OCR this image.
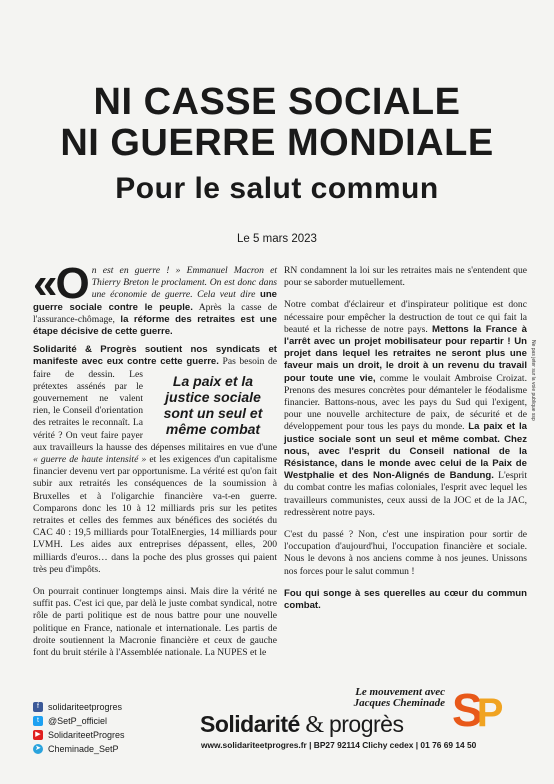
NI CASSE SOCIALE
NI GUERRE MONDIALE
Pour le salut commun
Le 5 mars 2023

«On est en guerre ! » Emmanuel Macron et Thierry Breton le proclament. On est donc dans une économie de guerre. Cela veut dire une guerre sociale contre le peuple. Après la casse de l'assurance-chômage, la réforme des retraites est une étape décisive de cette guerre.

Solidarité & Progrès soutient nos syndicats et manifeste avec eux contre cette guerre.
La paix et la justice sociale sont un seul et même combat
Pas besoin de faire de dessin. Les prétextes assénés par le gouvernement ne valent rien, le Conseil d'orientation des retraites le reconnaît. La vérité ? On veut faire payer aux travailleurs la hausse des dépenses militaires en vue d'une « guerre de haute intensité » et les exigences d'un capitalisme financier devenu vert par opportunisme. La vérité est qu'on fait subir aux retraités les conséquences de la soumission à Bruxelles et à l'oligarchie financière va-t-en guerre. Comparons donc les 10 à 12 milliards pris sur les petites retraites et celles des femmes aux bénéfices des sociétés du CAC 40 : 19,5 milliards pour TotalEnergies, 14 milliards pour LVMH. Les aides aux entreprises dépassent, elles, 200 milliards d'euros… dans la poche des plus grosses qui paient très peu d'impôts.

On pourrait continuer longtemps ainsi. Mais dire la vérité ne suffit pas. C'est ici que, par delà le juste combat syndical, notre rôle de parti politique est de nous battre pour une nouvelle politique en France, nationale et internationale. Les partis de droite soutiennent la Macronie financière et ceux de gauche font du bruit stérile à l'Assemblée nationale. La NUPES et le

RN condamnent la loi sur les retraites mais ne s'entendent que pour se saborder mutuellement.

Notre combat d'éclaireur et d'inspirateur politique est donc nécessaire pour empêcher la destruction de tout ce qui fait la beauté et la richesse de notre pays. Mettons la France à l'arrêt avec un projet mobilisateur pour repartir ! Un projet dans lequel les retraites ne seront plus une faveur mais un droit, le droit à un revenu du travail pour toute une vie, comme le voulait Ambroise Croizat. Prenons des mesures concrètes pour démanteler le féodalisme financier. Battons-nous, avec les pays du Sud qui l'exigent, pour une nouvelle architecture de paix, de sécurité et de développement pour tous les pays du monde. La paix et la justice sociale sont un seul et même combat. Chez nous, avec l'esprit du Conseil national de la Résistance, dans le monde avec celui de la Paix de Westphalie et des Non-Alignés de Bandung. L'esprit du combat contre les mafias coloniales, l'esprit avec lequel les travailleurs communistes, ceux aussi de la JOC et de la JAC, redressèrent notre pays.

C'est du passé ? Non, c'est une inspiration pour sortir de l'occupation d'aujourd'hui, l'occupation financière et sociale. Nous le devons à nos anciens comme à nos jeunes. Unissons nos forces pour le salut commun !

Fou qui songe à ses querelles au cœur du commun combat.

Ne pas jeter sur la voie publique ssp
f	solidariteetprogres
t	@SetP_officiel
▶ SolidariteetProgres
➤ Cheminade_SetP
Le mouvement avec
Jacques Cheminade
Solidarité & progrès SP
www.solidariteetprogres.fr | BP27 92114 Clichy cedex | 01 76 69 14 50
